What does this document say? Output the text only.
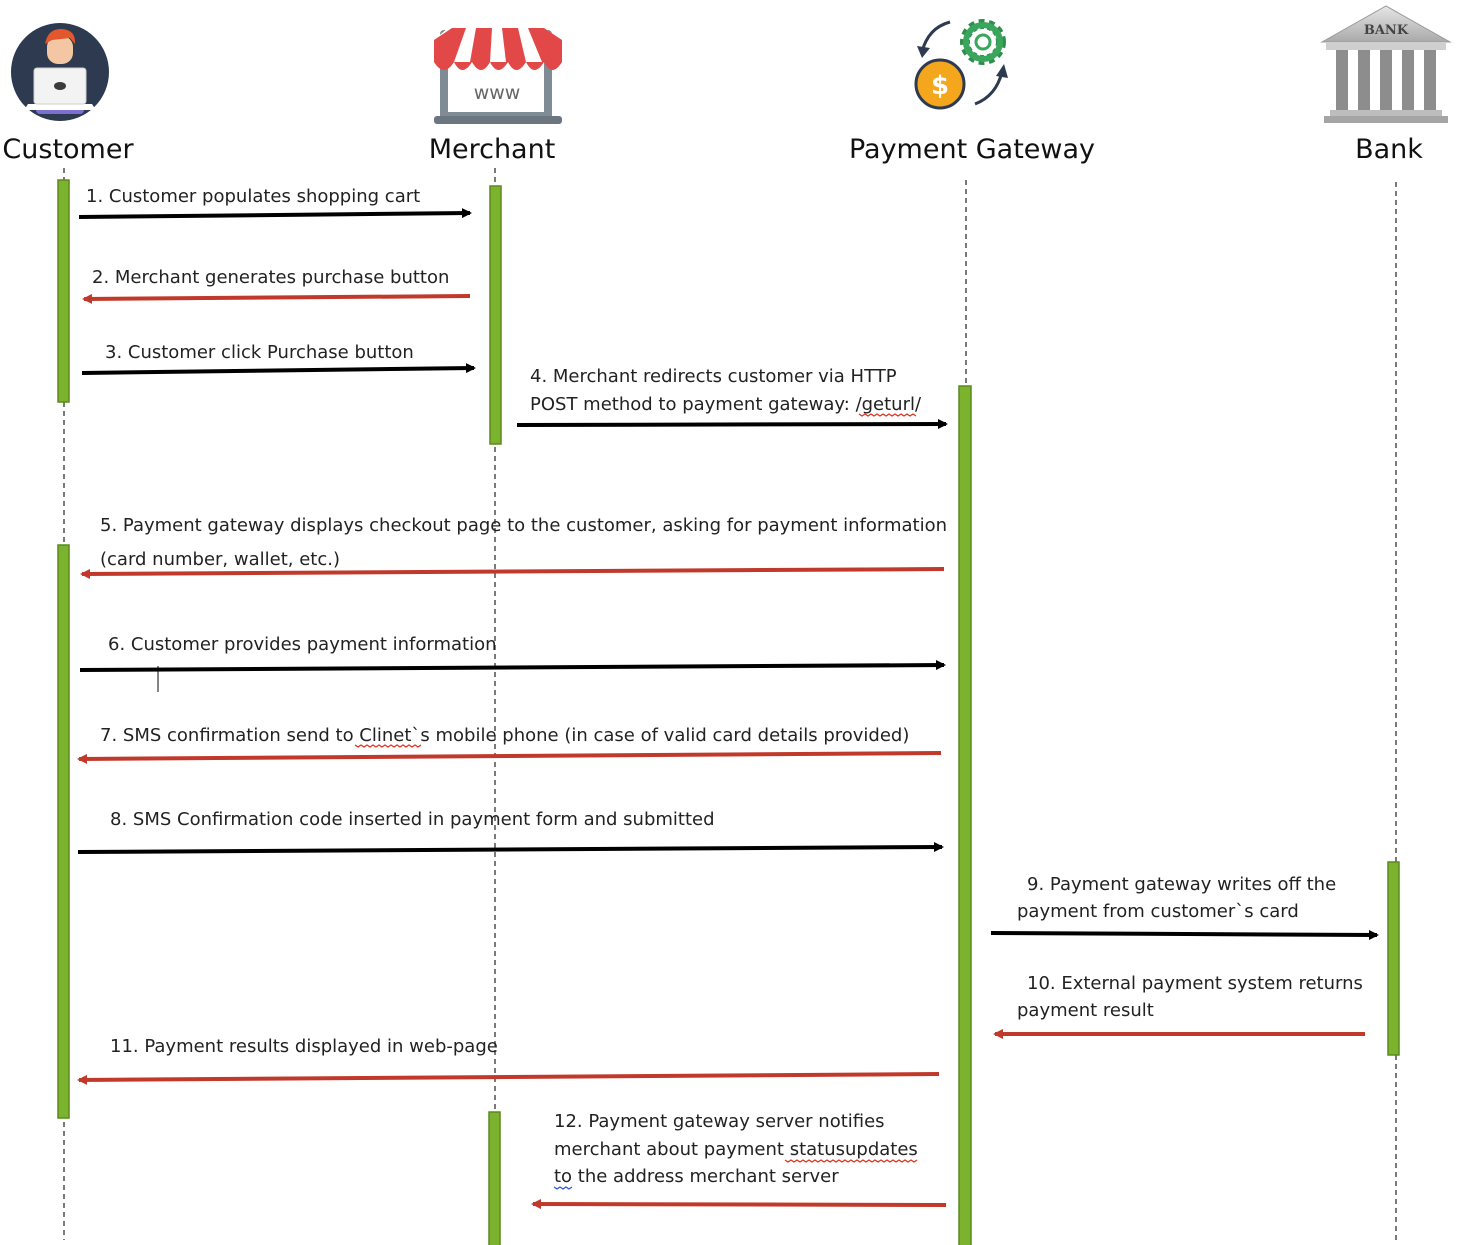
www	$
BANK
Customer	Merchant	Payment Gateway	Bank
1. Customer populates shopping cart
2. Merchant generates purchase button
3. Customer click Purchase button
4. Merchant redirects customer via HTTP
POST method to payment gateway: /geturl/
5. Payment gateway displays checkout page to the customer, asking for payment information
(card number, wallet, etc.)
6. Customer provides payment information
7. SMS confirmation send to Clinet`s mobile phone (in case of valid card details provided)
8. SMS Confirmation code inserted in payment form and submitted
9. Payment gateway writes off the
payment from customer`s card
10. External payment system returns
payment result
11. Payment results displayed in web-page
12. Payment gateway server notifies
merchant about payment statusupdates
to the address merchant server
